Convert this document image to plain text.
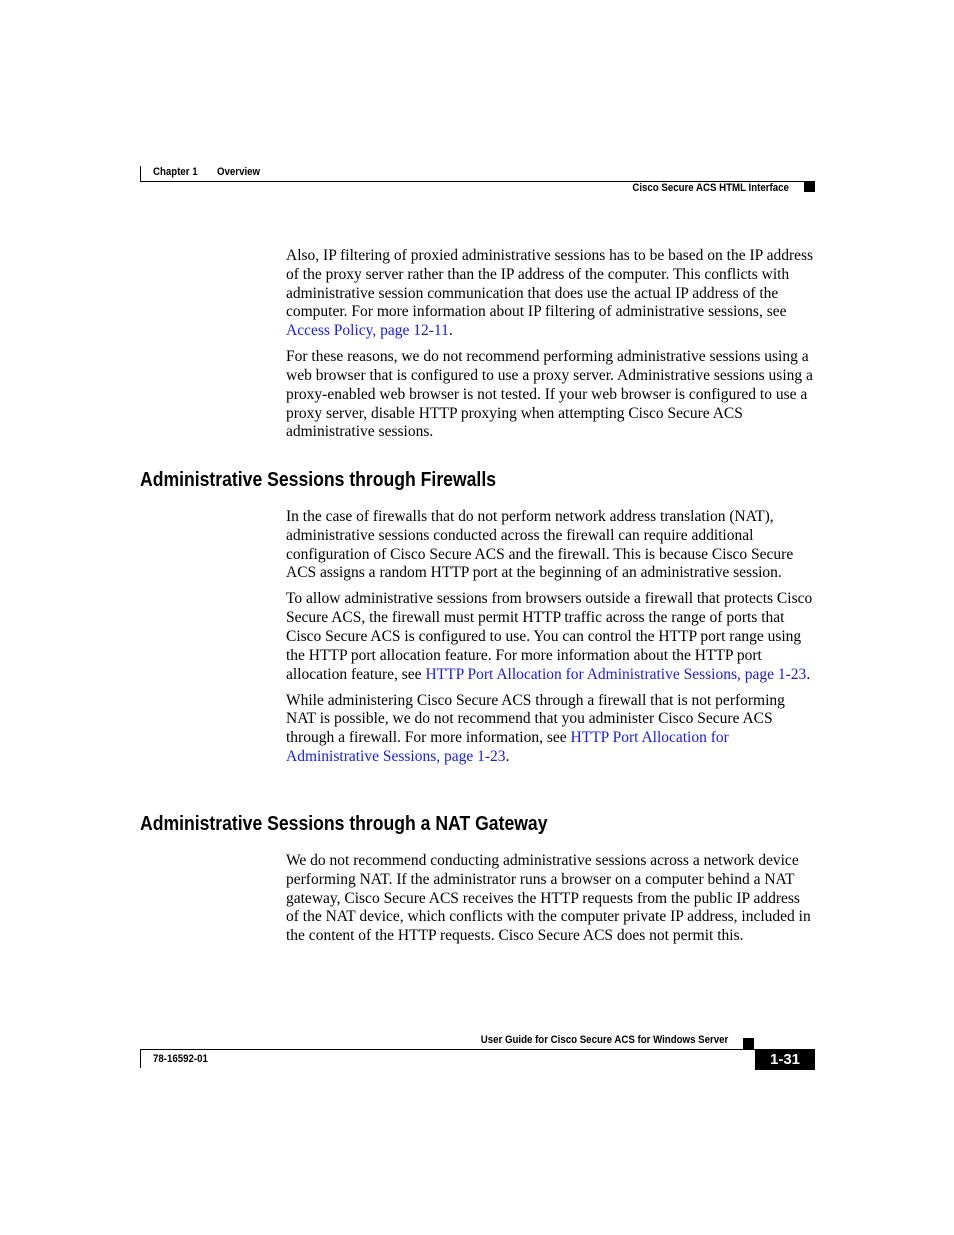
Chapter 1 Overview
Cisco Secure ACS HTML Interface

Also, IP filtering of proxied administrative sessions has to be based on the IP address of the proxy server rather than the IP address of the computer. This conflicts with administrative session communication that does use the actual IP address of the computer. For more information about IP filtering of administrative sessions, see Access Policy, page 12-11.

For these reasons, we do not recommend performing administrative sessions using a web browser that is configured to use a proxy server. Administrative sessions using a proxy-enabled web browser is not tested. If your web browser is configured to use a proxy server, disable HTTP proxying when attempting Cisco Secure ACS administrative sessions.

Administrative Sessions through Firewalls

In the case of firewalls that do not perform network address translation (NAT), administrative sessions conducted across the firewall can require additional configuration of Cisco Secure ACS and the firewall. This is because Cisco Secure ACS assigns a random HTTP port at the beginning of an administrative session.

To allow administrative sessions from browsers outside a firewall that protects Cisco Secure ACS, the firewall must permit HTTP traffic across the range of ports that Cisco Secure ACS is configured to use. You can control the HTTP port range using the HTTP port allocation feature. For more information about the HTTP port allocation feature, see HTTP Port Allocation for Administrative Sessions, page 1-23.

While administering Cisco Secure ACS through a firewall that is not performing NAT is possible, we do not recommend that you administer Cisco Secure ACS through a firewall. For more information, see HTTP Port Allocation for Administrative Sessions, page 1-23.

Administrative Sessions through a NAT Gateway

We do not recommend conducting administrative sessions across a network device performing NAT. If the administrator runs a browser on a computer behind a NAT gateway, Cisco Secure ACS receives the HTTP requests from the public IP address of the NAT device, which conflicts with the computer private IP address, included in the content of the HTTP requests. Cisco Secure ACS does not permit this.

User Guide for Cisco Secure ACS for Windows Server
78-16592-01	1-31
